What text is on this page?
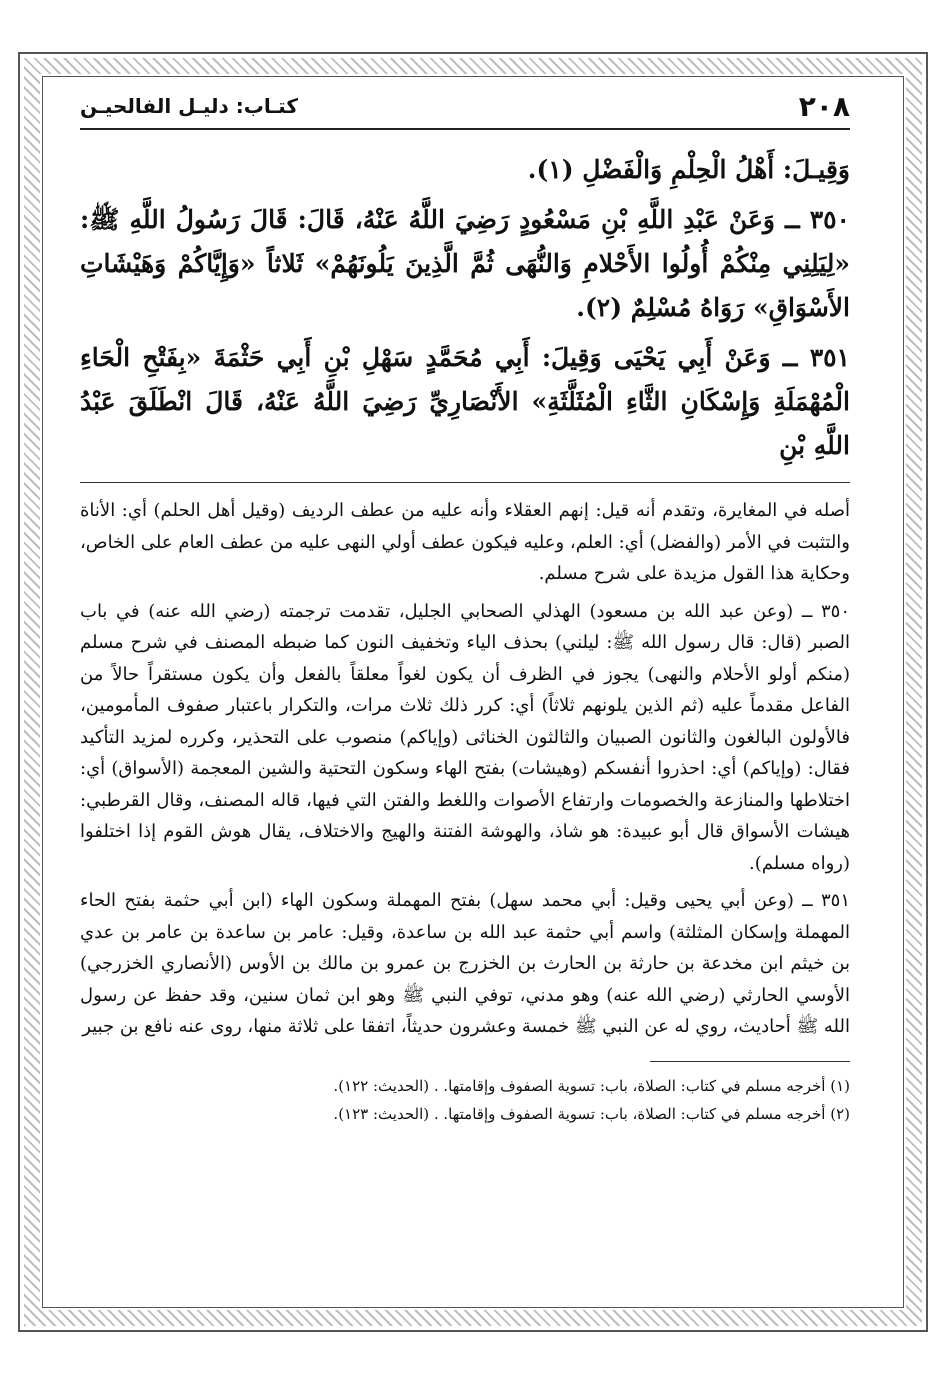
٢٠٨
كتـاب: دليـل الفالحيـن

وَقِيـلَ: أَهْلُ الْحِلْمِ وَالْفَضْلِ (١).

٣٥٠ ــ وَعَنْ عَبْدِ اللَّهِ بْنِ مَسْعُودٍ رَضِيَ اللَّهُ عَنْهُ، قَالَ: قَالَ رَسُولُ اللَّهِ ﷺ: «لِيَلِنِي مِنْكُمْ أُولُوا الأَحْلامِ وَالنُّهَى ثُمَّ الَّذِينَ يَلُونَهُمْ» ثَلاثاً «وَإِيَّاكُمْ وَهَيْشَاتِ الأَسْوَاقِ» رَوَاهُ مُسْلِمٌ (٢).

٣٥١ ــ وَعَنْ أَبِي يَحْيَى وَقِيلَ: أَبِي مُحَمَّدٍ سَهْلِ بْنِ أَبِي حَثْمَةَ «بِفَتْحِ الْحَاءِ الْمُهْمَلَةِ وَإِسْكَانِ الثَّاءِ الْمُثَلَّثَةِ» الأَنْصَارِيِّ رَضِيَ اللَّهُ عَنْهُ، قَالَ انْطَلَقَ عَبْدُ اللَّهِ بْنِ

أصله في المغايرة، وتقدم أنه قيل: إنهم العقلاء وأنه عليه من عطف الرديف (وقيل أهل الحلم) أي: الأناة والتثبت في الأمر (والفضل) أي: العلم، وعليه فيكون عطف أولي النهى عليه من عطف العام على الخاص، وحكاية هذا القول مزيدة على شرح مسلم.

٣٥٠ ــ (وعن عبد الله بن مسعود) الهذلي الصحابي الجليل، تقدمت ترجمته (رضي الله عنه) في باب الصبر (قال: قال رسول الله ﷺ: ليلني) بحذف الياء وتخفيف النون كما ضبطه المصنف في شرح مسلم (منكم أولو الأحلام والنهى) يجوز في الظرف أن يكون لغواً معلقاً بالفعل وأن يكون مستقراً حالاً من الفاعل مقدماً عليه (ثم الذين يلونهم ثلاثاً) أي: كرر ذلك ثلاث مرات، والتكرار باعتبار صفوف المأمومين، فالأولون البالغون والثانون الصبيان والثالثون الخناثى (وإياكم) منصوب على التحذير، وكرره لمزيد التأكيد فقال: (وإياكم) أي: احذروا أنفسكم (وهيشات) بفتح الهاء وسكون التحتية والشين المعجمة (الأسواق) أي: اختلاطها والمنازعة والخصومات وارتفاع الأصوات واللغط والفتن التي فيها، قاله المصنف، وقال القرطبي: هيشات الأسواق قال أبو عبيدة: هو شاذ، والهوشة الفتنة والهيج والاختلاف، يقال هوش القوم إذا اختلفوا (رواه مسلم).

٣٥١ ــ (وعن أبي يحيى وقيل: أبي محمد سهل) بفتح المهملة وسكون الهاء (ابن أبي حثمة بفتح الحاء المهملة وإسكان المثلثة) واسم أبي حثمة عبد الله بن ساعدة، وقيل: عامر بن ساعدة بن عامر بن عدي بن خيثم ابن مخدعة بن حارثة بن الحارث بن الخزرج بن عمرو بن مالك بن الأوس (الأنصاري الخزرجي) الأوسي الحارثي (رضي الله عنه) وهو مدني، توفي النبي ﷺ وهو ابن ثمان سنين، وقد حفظ عن رسول الله ﷺ أحاديث، روي له عن النبي ﷺ خمسة وعشرون حديثاً، اتفقا على ثلاثة منها، روى عنه نافع بن جبير

(١) أخرجه مسلم في كتاب: الصلاة، باب: تسوية الصفوف وإقامتها. . (الحديث: ١٢٢).

(٢) أخرجه مسلم في كتاب: الصلاة، باب: تسوية الصفوف وإقامتها. . (الحديث: ١٢٣).
